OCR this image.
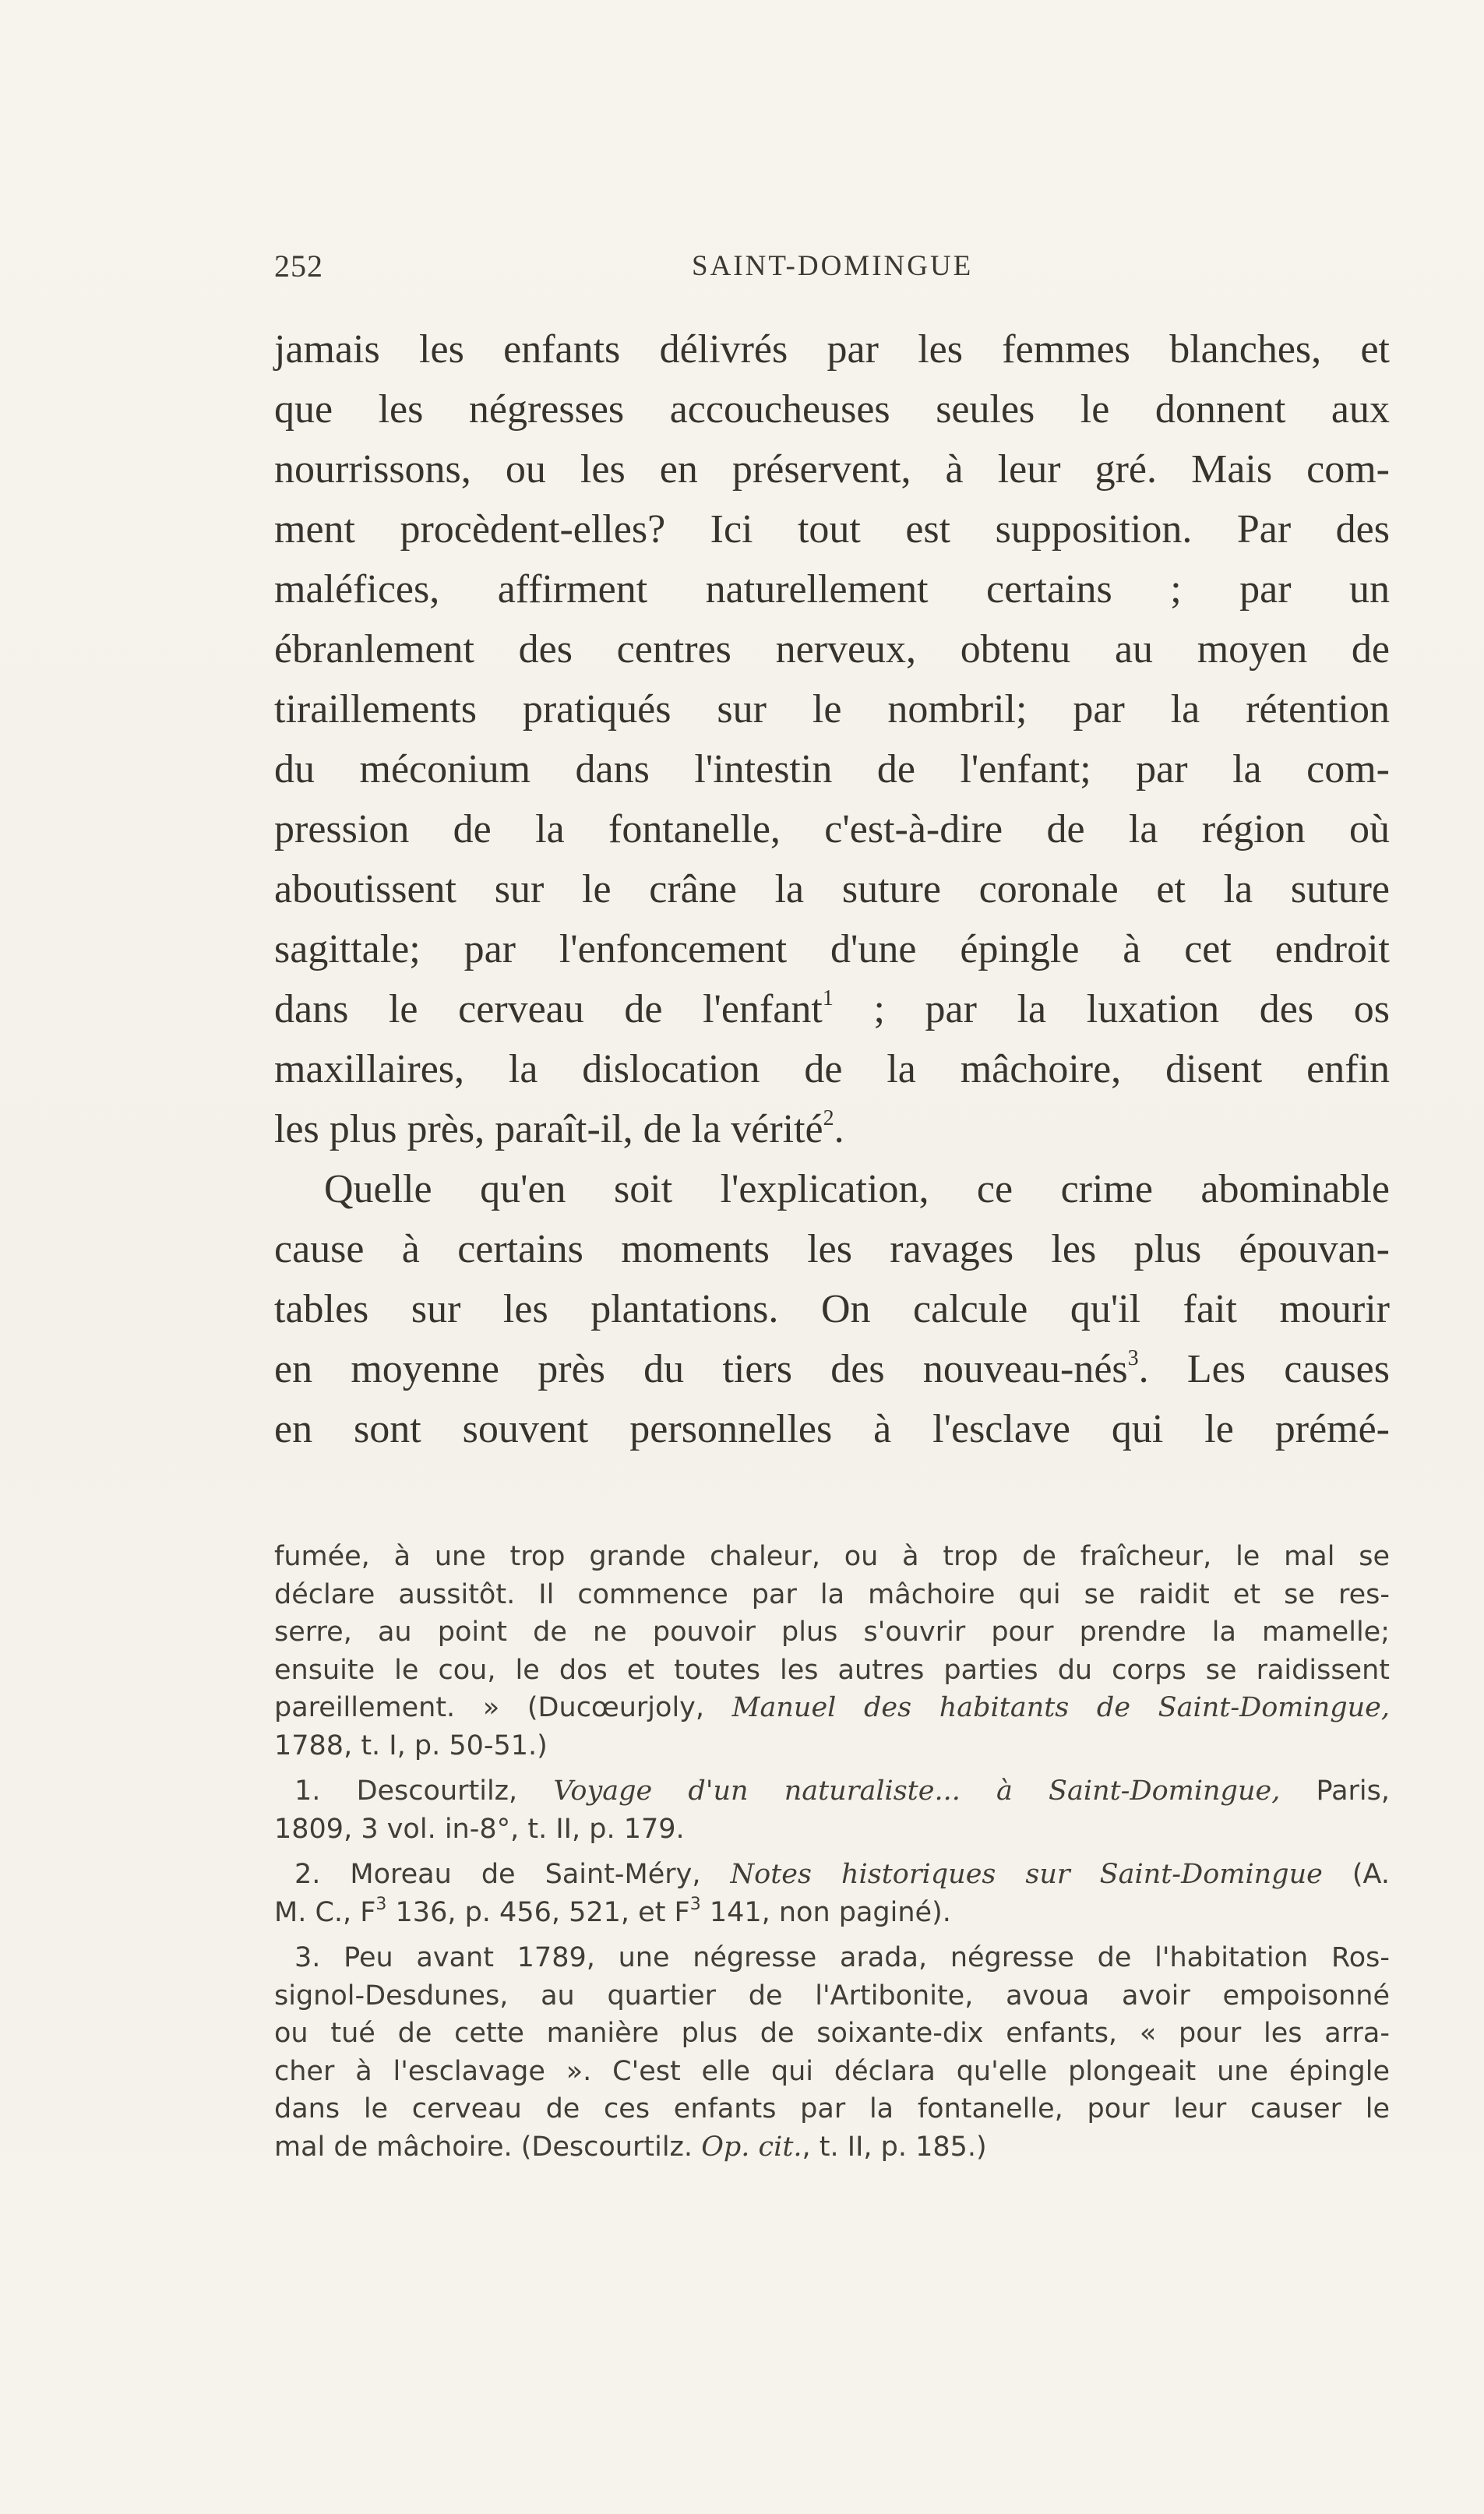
252	SAINT-DOMINGUE
jamais les enfants délivrés par les femmes blanches, et
que les négresses accoucheuses seules le donnent aux
nourrissons, ou les en préservent, à leur gré. Mais com-
ment procèdent-elles? Ici tout est supposition. Par des
maléfices, affirment naturellement certains ; par un
ébranlement des centres nerveux, obtenu au moyen de
tiraillements pratiqués sur le nombril; par la rétention
du méconium dans l'intestin de l'enfant; par la com-
pression de la fontanelle, c'est-à-dire de la région où
aboutissent sur le crâne la suture coronale et la suture
sagittale; par l'enfoncement d'une épingle à cet endroit
dans le cerveau de l'enfant$^1$ ; par la luxation des os
maxillaires, la dislocation de la mâchoire, disent enfin
les plus près, paraît-il, de la vérité$^2$.
Quelle qu'en soit l'explication, ce crime abominable
cause à certains moments les ravages les plus épouvan-
tables sur les plantations. On calcule qu'il fait mourir
en moyenne près du tiers des nouveau-nés$^3$. Les causes
en sont souvent personnelles à l'esclave qui le prémé-
fumée, à une trop grande chaleur, ou à trop de fraîcheur, le mal se
déclare aussitôt. Il commence par la mâchoire qui se raidit et se res-
serre, au point de ne pouvoir plus s'ouvrir pour prendre la mamelle;
ensuite le cou, le dos et toutes les autres parties du corps se raidissent
pareillement. » (Ducœurjoly, Manuel des habitants de Saint-Domingue,
1788, t. I, p. 50-51.)
1. Descourtilz, Voyage d'un naturaliste... à Saint-Domingue, Paris,
1809, 3 vol. in-8°, t. II, p. 179.
2. Moreau de Saint-Méry, Notes historiques sur Saint-Domingue (A.
M. C., $F^3$ 136, p. 456, 521, et $F^3$ 141, non paginé).
3. Peu avant 1789, une négresse arada, négresse de l'habitation Ros-
signol-Desdunes, au quartier de l'Artibonite, avoua avoir empoisonné
ou tué de cette manière plus de soixante-dix enfants, « pour les arra-
cher à l'esclavage ». C'est elle qui déclara qu'elle plongeait une épingle
dans le cerveau de ces enfants par la fontanelle, pour leur causer le
mal de mâchoire. (Descourtilz. Op. cit., t. II, p. 185.)
